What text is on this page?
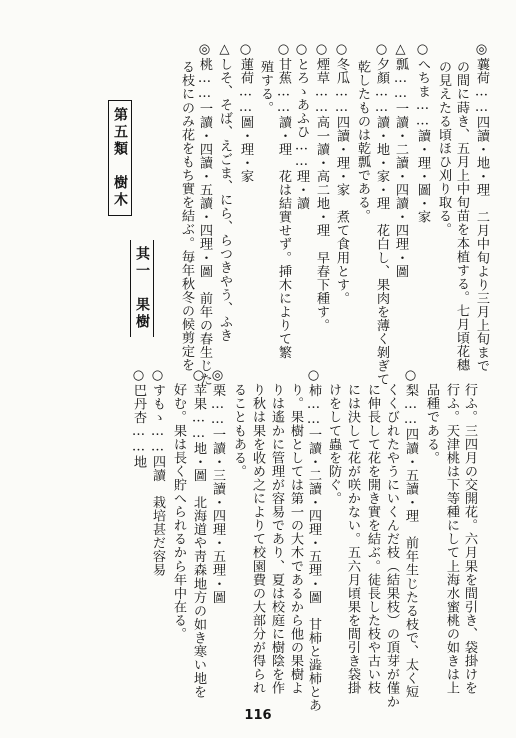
◎蘘荷……四讀・地・理　二月中旬より三月上旬まで
の間に蒔き、五月上中旬苗を本植する。七月頃花穗
の見えたる頃ほひ刈り取る。
○へちま……讀・理・圖・家
△瓢……一讀・二讀・四讀・四理・圖
○夕顏……讀・地・家・理　花白し、果肉を薄く剝ぎて
乾したものは乾瓢である。
○冬瓜……四讀・理・家　煮て食用とす。
○煙草……高一讀・高二地・理　早春下種す。
○とろゝあふひ……理・讀
○甘蕉……讀・理　花は結實せず。挿木によりて繁
殖する。
○蓮荷……圖・理・家
△しそ、そば、えごま、にら、らつきやう、ふき
◎桃……一讀・四讀・五讀・四理・圖　前年の春生じた
る枝にのみ花をもち實を結ぶ。毎年秋冬の候剪定を
行ふ。三四月の交開花。六月果を間引き、袋掛けを
行ふ。天津桃は下等種にして上海水蜜桃の如きは上
品種である。
○梨……四讀・五讀・理　前年生じたる枝で、太く短
くくびれたやうにいくんだ枝（結果枝）の頂芽が僅か
に伸長して花を開き實を結ぶ。徒長した枝や古い枝
には決して花が咲かない。五六月頃果を間引き袋掛
けをして蟲を防ぐ。
○柿……一讀・二讀・四理・五理・圖　甘柿と澁柿とあ
り。果樹としては第一の大木であるから他の果樹よ
りは遙かに管理が容易であり、夏は校庭に樹陰を作
り秋は果を收め之によりて校園費の大部分が得られ
ることもある。
◎栗……一讀・三讀・四理・五理・圖
○苹果……地・圖　北海道や靑森地方の如き寒い地を
好む。果は長く貯へられるから年中在る。
○すもゝ……四讀　栽培甚だ容易
○巴丹杏……地
第五類　樹木
其一　果樹
116
